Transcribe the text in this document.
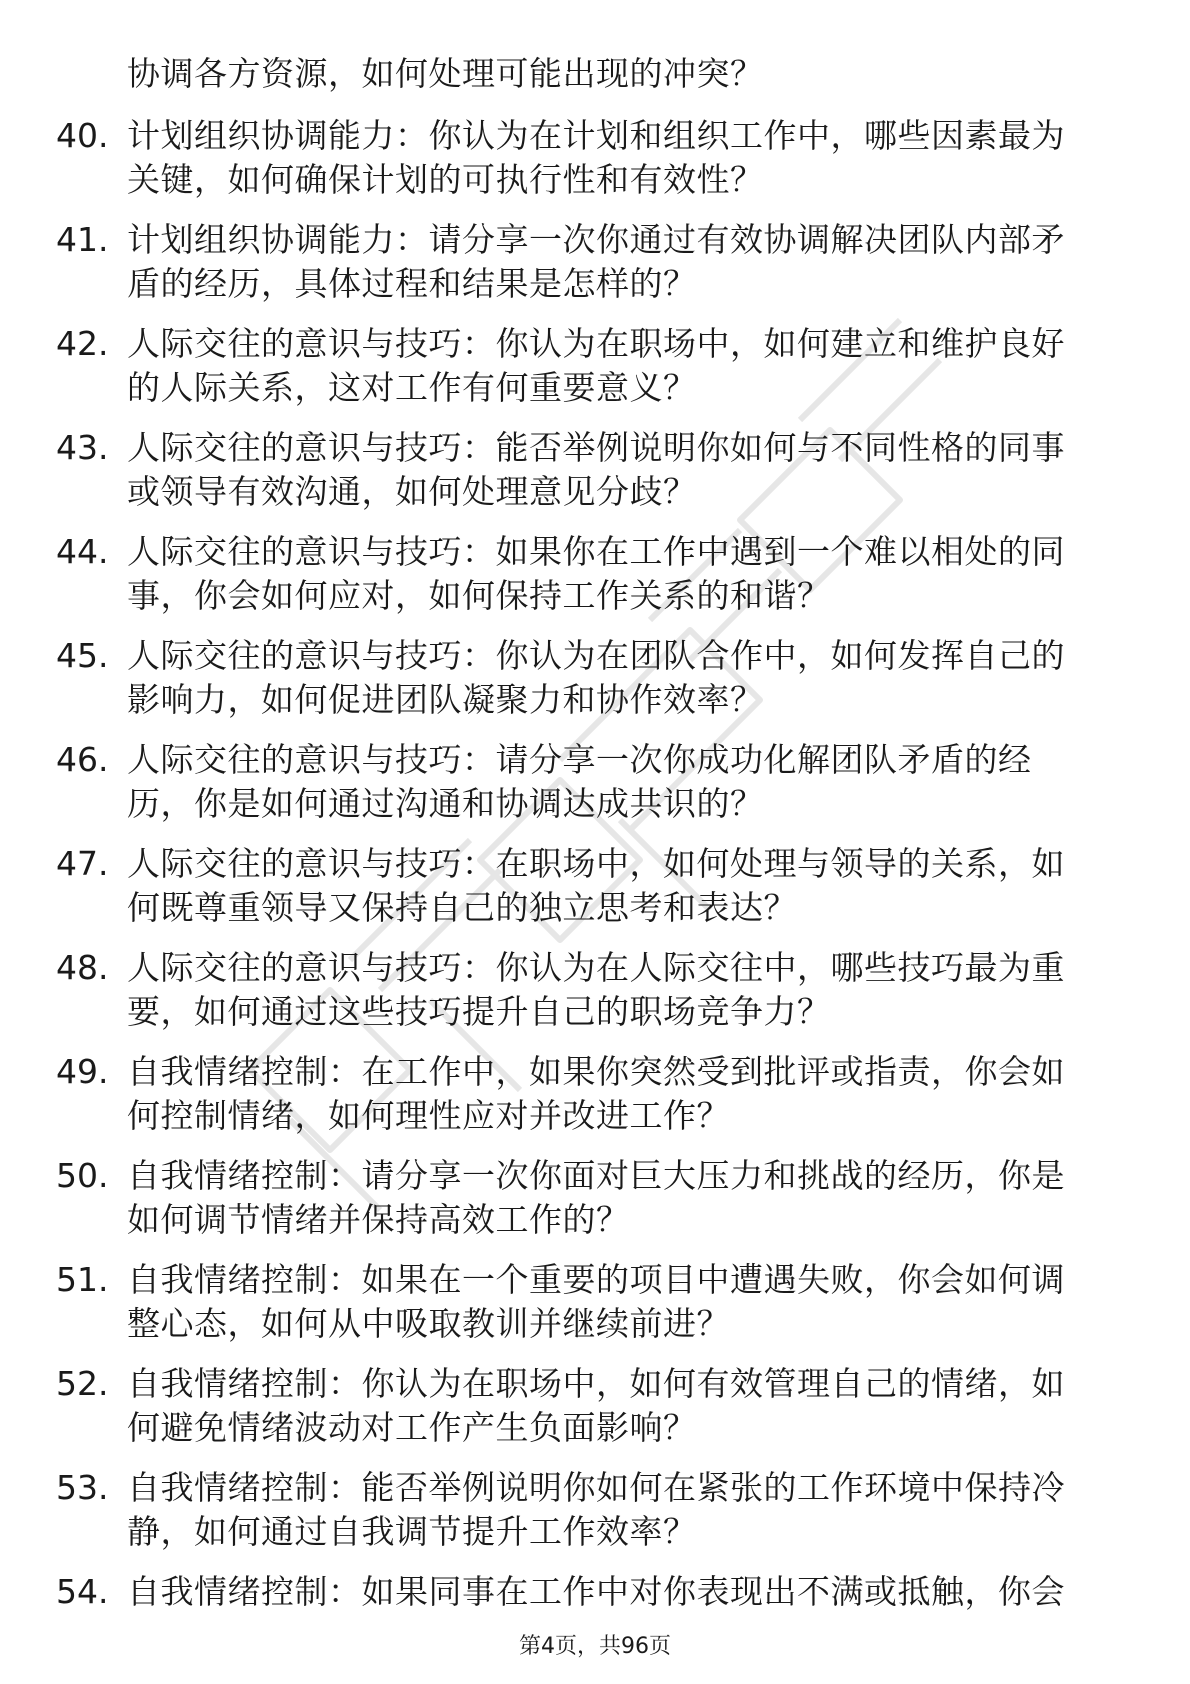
协调各方资源，如何处理可能出现的冲突？
40. 计划组织协调能力：你认为在计划和组织工作中，哪些因素最为
关键，如何确保计划的可执行性和有效性？
41. 计划组织协调能力：请分享一次你通过有效协调解决团队内部矛
盾的经历，具体过程和结果是怎样的？
42. 人际交往的意识与技巧：你认为在职场中，如何建立和维护良好
的人际关系，这对工作有何重要意义？
43. 人际交往的意识与技巧：能否举例说明你如何与不同性格的同事
或领导有效沟通，如何处理意见分歧？
44. 人际交往的意识与技巧：如果你在工作中遇到一个难以相处的同
事，你会如何应对，如何保持工作关系的和谐？
45. 人际交往的意识与技巧：你认为在团队合作中，如何发挥自己的
影响力，如何促进团队凝聚力和协作效率？
46. 人际交往的意识与技巧：请分享一次你成功化解团队矛盾的经
历，你是如何通过沟通和协调达成共识的？
47. 人际交往的意识与技巧：在职场中，如何处理与领导的关系，如
何既尊重领导又保持自己的独立思考和表达？
48. 人际交往的意识与技巧：你认为在人际交往中，哪些技巧最为重
要，如何通过这些技巧提升自己的职场竞争力？
49. 自我情绪控制：在工作中，如果你突然受到批评或指责，你会如
何控制情绪，如何理性应对并改进工作？
50. 自我情绪控制：请分享一次你面对巨大压力和挑战的经历，你是
如何调节情绪并保持高效工作的？
51. 自我情绪控制：如果在一个重要的项目中遭遇失败，你会如何调
整心态，如何从中吸取教训并继续前进？
52. 自我情绪控制：你认为在职场中，如何有效管理自己的情绪，如
何避免情绪波动对工作产生负面影响？
53. 自我情绪控制：能否举例说明你如何在紧张的工作环境中保持冷
静，如何通过自我调节提升工作效率？
54. 自我情绪控制：如果同事在工作中对你表现出不满或抵触，你会
第4页，共96页
